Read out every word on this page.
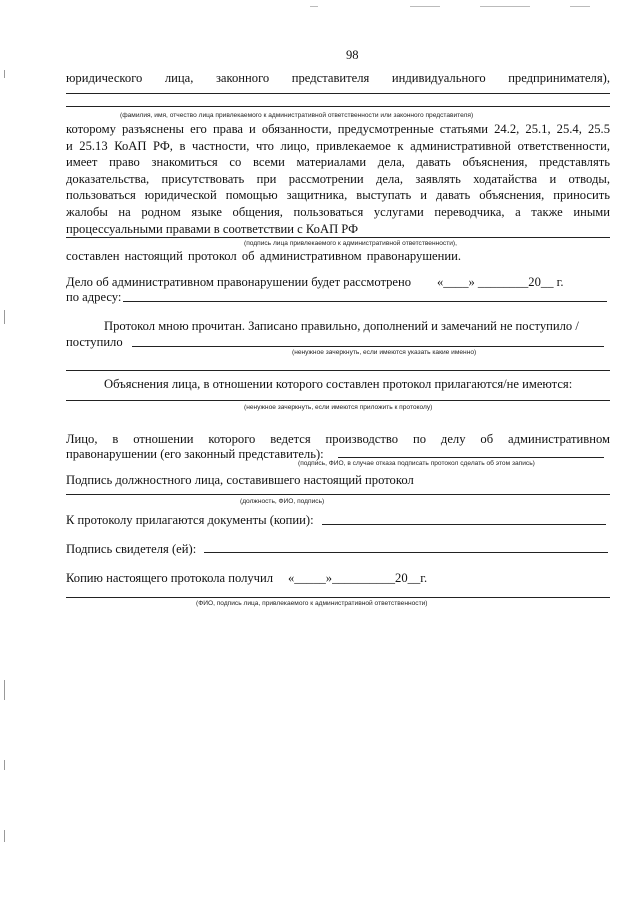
98
юридического лица, законного представителя индивидуального предпринимателя),
(фамилия, имя, отчество лица привлекаемого к административной ответственности или законного представителя)
которому разъяснены его права и обязанности, предусмотренные статьями 24.2, 25.1, 25.4, 25.5
и 25.13 КоАП РФ, в частности, что лицо, привлекаемое к административной ответственности,
имеет право знакомиться со всеми материалами дела, давать объяснения, представлять
доказательства, присутствовать при рассмотрении дела, заявлять ходатайства и отводы,
пользоваться юридической помощью защитника, выступать и давать объяснения, приносить
жалобы на родном языке общения, пользоваться услугами переводчика, а также иными
процессуальными правами в соответствии с КоАП РФ
(подпись лица привлекаемого к административной ответственности),
составлен настоящий протокол об административном правонарушении.
Дело об административном правонарушении будет рассмотрено «____» ________20__ г.
по адресу:
Протокол мною прочитан. Записано правильно, дополнений и замечаний не поступило /
поступило
(ненужное зачеркнуть, если имеются указать какие именно)
Объяснения лица, в отношении которого составлен протокол прилагаются/не имеются:
(ненужное зачеркнуть, если имеются приложить к протоколу)
Лицо, в отношении которого ведется производство по делу об административном
правонарушении (его законный представитель):
(подпись, ФИО, в случае отказа подписать протокол сделать об этом запись)
Подпись должностного лица, составившего настоящий протокол
(должность, ФИО, подпись)
К протоколу прилагаются документы (копии):
Подпись свидетеля (ей):
Копию настоящего протокола получил «_____»__________20__г.
(ФИО, подпись лица, привлекаемого к административной ответственности)
